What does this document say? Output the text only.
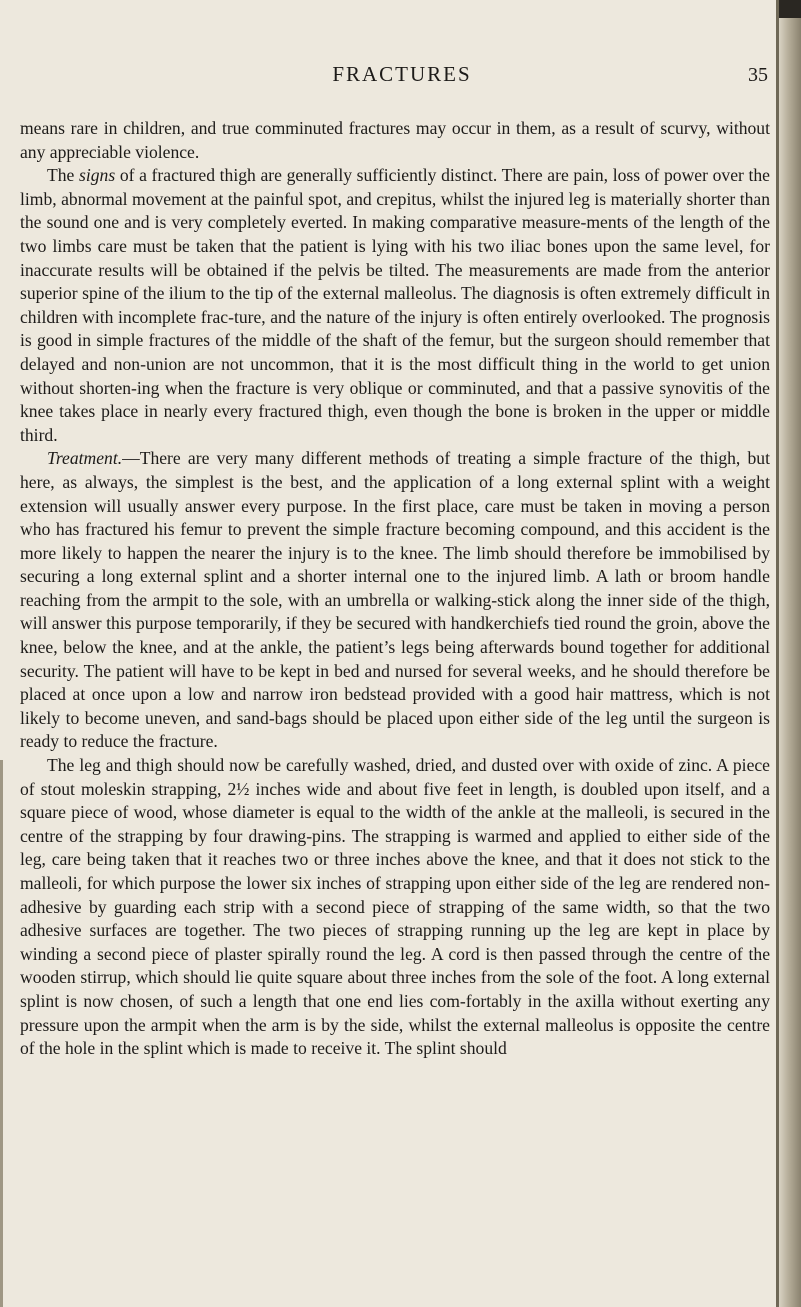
FRACTURES	35

means rare in children, and true comminuted fractures may occur in them, as a result of scurvy, without any appreciable violence.

The signs of a fractured thigh are generally sufficiently distinct. There are pain, loss of power over the limb, abnormal movement at the painful spot, and crepitus, whilst the injured leg is materially shorter than the sound one and is very completely everted. In making comparative measure-ments of the length of the two limbs care must be taken that the patient is lying with his two iliac bones upon the same level, for inaccurate results will be obtained if the pelvis be tilted. The measurements are made from the anterior superior spine of the ilium to the tip of the external malleolus. The diagnosis is often extremely difficult in children with incomplete frac-ture, and the nature of the injury is often entirely overlooked. The prognosis is good in simple fractures of the middle of the shaft of the femur, but the surgeon should remember that delayed and non-union are not uncommon, that it is the most difficult thing in the world to get union without shorten-ing when the fracture is very oblique or comminuted, and that a passive synovitis of the knee takes place in nearly every fractured thigh, even though the bone is broken in the upper or middle third.

Treatment.—There are very many different methods of treating a simple fracture of the thigh, but here, as always, the simplest is the best, and the application of a long external splint with a weight extension will usually answer every purpose. In the first place, care must be taken in moving a person who has fractured his femur to prevent the simple fracture becoming compound, and this accident is the more likely to happen the nearer the injury is to the knee. The limb should therefore be immobilised by securing a long external splint and a shorter internal one to the injured limb. A lath or broom handle reaching from the armpit to the sole, with an umbrella or walking-stick along the inner side of the thigh, will answer this purpose temporarily, if they be secured with handkerchiefs tied round the groin, above the knee, below the knee, and at the ankle, the patient’s legs being afterwards bound together for additional security. The patient will have to be kept in bed and nursed for several weeks, and he should therefore be placed at once upon a low and narrow iron bedstead provided with a good hair mattress, which is not likely to become uneven, and sand-bags should be placed upon either side of the leg until the surgeon is ready to reduce the fracture.

The leg and thigh should now be carefully washed, dried, and dusted over with oxide of zinc. A piece of stout moleskin strapping, 2½ inches wide and about five feet in length, is doubled upon itself, and a square piece of wood, whose diameter is equal to the width of the ankle at the malleoli, is secured in the centre of the strapping by four drawing-pins. The strapping is warmed and applied to either side of the leg, care being taken that it reaches two or three inches above the knee, and that it does not stick to the malleoli, for which purpose the lower six inches of strapping upon either side of the leg are rendered non-adhesive by guarding each strip with a second piece of strapping of the same width, so that the two adhesive surfaces are together. The two pieces of strapping running up the leg are kept in place by winding a second piece of plaster spirally round the leg. A cord is then passed through the centre of the wooden stirrup, which should lie quite square about three inches from the sole of the foot. A long external splint is now chosen, of such a length that one end lies com-fortably in the axilla without exerting any pressure upon the armpit when the arm is by the side, whilst the external malleolus is opposite the centre of the hole in the splint which is made to receive it. The splint should
